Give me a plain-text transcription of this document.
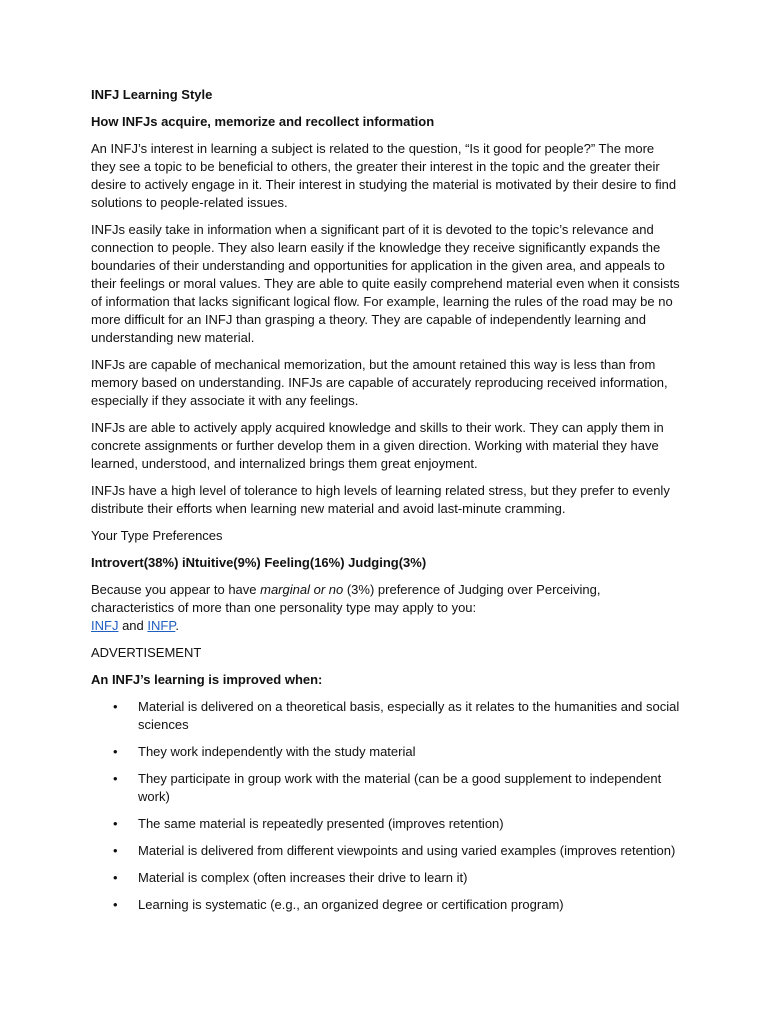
INFJ Learning Style
How INFJs acquire, memorize and recollect information

An INFJ’s interest in learning a subject is related to the question, “Is it good for people?” The more they see a topic to be beneficial to others, the greater their interest in the topic and the greater their desire to actively engage in it. Their interest in studying the material is motivated by their desire to find solutions to people-related issues.

INFJs easily take in information when a significant part of it is devoted to the topic’s relevance and connection to people. They also learn easily if the knowledge they receive significantly expands the boundaries of their understanding and opportunities for application in the given area, and appeals to their feelings or moral values. They are able to quite easily comprehend material even when it consists of information that lacks significant logical flow. For example, learning the rules of the road may be no more difficult for an INFJ than grasping a theory. They are capable of independently learning and understanding new material.

INFJs are capable of mechanical memorization, but the amount retained this way is less than from memory based on understanding. INFJs are capable of accurately reproducing received information, especially if they associate it with any feelings.

INFJs are able to actively apply acquired knowledge and skills to their work. They can apply them in concrete assignments or further develop them in a given direction. Working with material they have learned, understood, and internalized brings them great enjoyment.

INFJs have a high level of tolerance to high levels of learning related stress, but they prefer to evenly distribute their efforts when learning new material and avoid last-minute cramming.

Your Type Preferences

Introvert(38%) iNtuitive(9%) Feeling(16%) Judging(3%)

Because you appear to have marginal or no (3%) preference of Judging over Perceiving, characteristics of more than one personality type may apply to you:
INFJ and INFP.

ADVERTISEMENT

An INFJ’s learning is improved when:

• Material is delivered on a theoretical basis, especially as it relates to the humanities and social sciences
• They work independently with the study material
• They participate in group work with the material (can be a good supplement to independent work)
• The same material is repeatedly presented (improves retention)
• Material is delivered from different viewpoints and using varied examples (improves retention)
• Material is complex (often increases their drive to learn it)
• Learning is systematic (e.g., an organized degree or certification program)
